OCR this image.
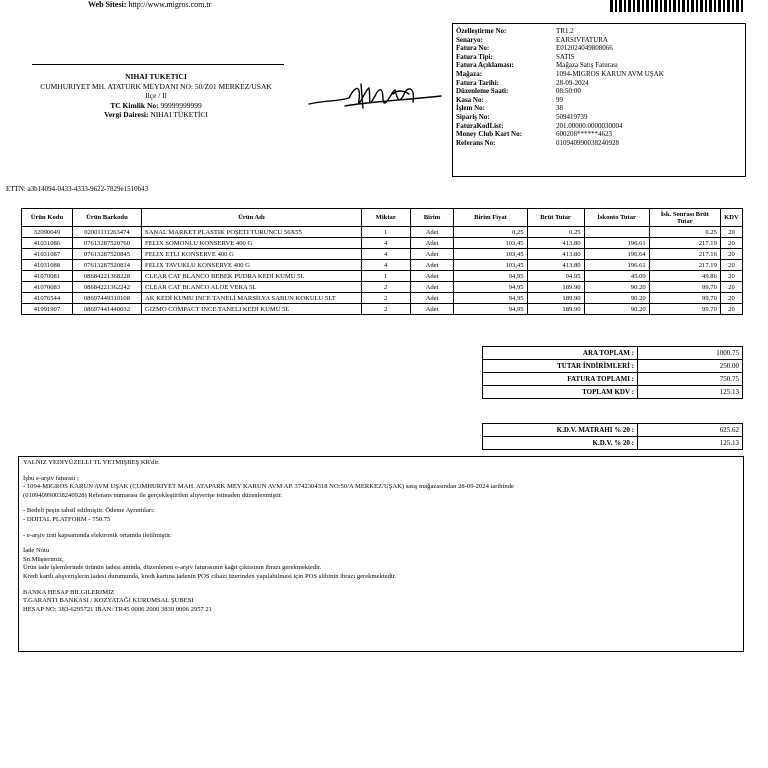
Web Sitesi: http://www.migros.com.tr
Özelleştirme No:	TR1.2
Senaryo:	EARSIVFATURA
Fatura No:	E012024049808066
Fatura Tipi:	SATIS
Fatura Açıklaması:	Mağaza Satış Faturası
Mağaza:	1094-MIGROS KARUN AVM UŞAK
Fatura Tarihi:	28-09-2024
Düzenleme Saati:	08:50:00
Kasa No:	99
İşlem No:	38
Sipariş No:	509419739
FaturaKodList:	201.00000.0000030004
Money Club Kart No:	600208******4623
Referans No:	010940990038240928
NIHAI TUKETICI
CUMHURIYET MH. ATATURK MEYDANI NO: 50/Z01 MERKEZ/USAK
Ilçe / Il
TC Kimlik No: 99999999999
Vergi Dairesi: NIHAI TÜKETİCI
ETTN: a3b14094-0433-4333-9622-7829e1510b43
Ürün Kodu	Ürün Barkodu	Ürün Adı	Miktar	Birim	Birim Fiyat	Brüt Tutar	İskonto Tutar	İsk. Sonrası Brüt Tutar	KDV
32090049	02001111263474	SANAL MARKET PLASTIK POŞETI TURUNCU 56X55	1	Adet	0,25	0.25		0.25	20
41031086	07613287520760	FELIX SOMONLU KONSERVE 400 G	4	Adet	103,45	413.80	196.61	217.19	20
41031087	07613287520845	FELIX ETLI KONSERVE 400 G	4	Adet	103,45	413.80	196.64	217.16	20
41031088	07613287520814	FELIX TAVUKLU KONSERVE 400 G	4	Adet	103,45	413.80	196.61	217.19	20
41070081	08684221368228	CLEAR CAT BLANCO BEBEK PUDRA KEDİ KUMU 5L	1	Adet	94,95	94.95	45.09	49.86	20
41070083	08684221362242	CLEAR CAT BLANCO ALOE VERA 5L	2	Adet	94,95	189.90	90.20	99.70	20
41076544	08697449310108	AK KEDİ KUMU INCE TANELİ MARSİLYA SABUN KOKULU 5LT	2	Adet	94,95	189.90	90.20	99.70	20
41991907	08697441440032	GIZMO COMPACT INCE TANELI KEDI KUMU 5L	2	Adet	94,95	189.90	90.20	99.70	20
ARA TOPLAM :	1000.75
TUTAR İNDİRİMLERİ :	250.00
FATURA TOPLAMI :	750.75
TOPLAM KDV :	125.13
K.D.V. MATRAHI % 20 :	625.62
K.D.V. % 20 :	125.13

YALNIZ YEDIYÜZELLI TL YETMIŞBEŞ KR'dir.

İşbu e-arşiv faturası ;

- 1094-MIGROS KARUN AVM UŞAK (CUMHURIYET MAH. ATAPARK MEY KARUN AVM AP. 3742304318 NO:50/A MERKEZ/UŞAK) satış mağazasından 28-09-2024 tarihinde

(010940990038240928) Referans numarası ile gerçekleştirilen alışverişe istinaden düzenlenmiştir.

- Bedeli peşin tahsil edilmiştir. Ödeme Ayrıntıları:

- DIJITAL PLATFORM - 750.75

- e-arşiv izni kapsamında elektronik ortamda iletilmiştir.

İade Notu

Sn.Müşterimiz,

Ürün iade işlemlerinde ürünün iadesi anında, düzenlenen e-arşiv faturasının kağıt çıktısının ibrazı gerekmektedir.

Kredi kartlı alışverişlerin iadesi durumunda, kredi kartına iadenin POS cihazı üzerinden yapılabilmesi için POS slibinin ibrazı gerekmektedir.

BANKA HESAP BILGILERIMIZ

T.GARANTI BANKASI / KOZYATAĞI KURUMSAL ŞUBESI

HESAP NO: 383-6295721 IBAN: TR45 0006 2000 3830 0006 2957 21
